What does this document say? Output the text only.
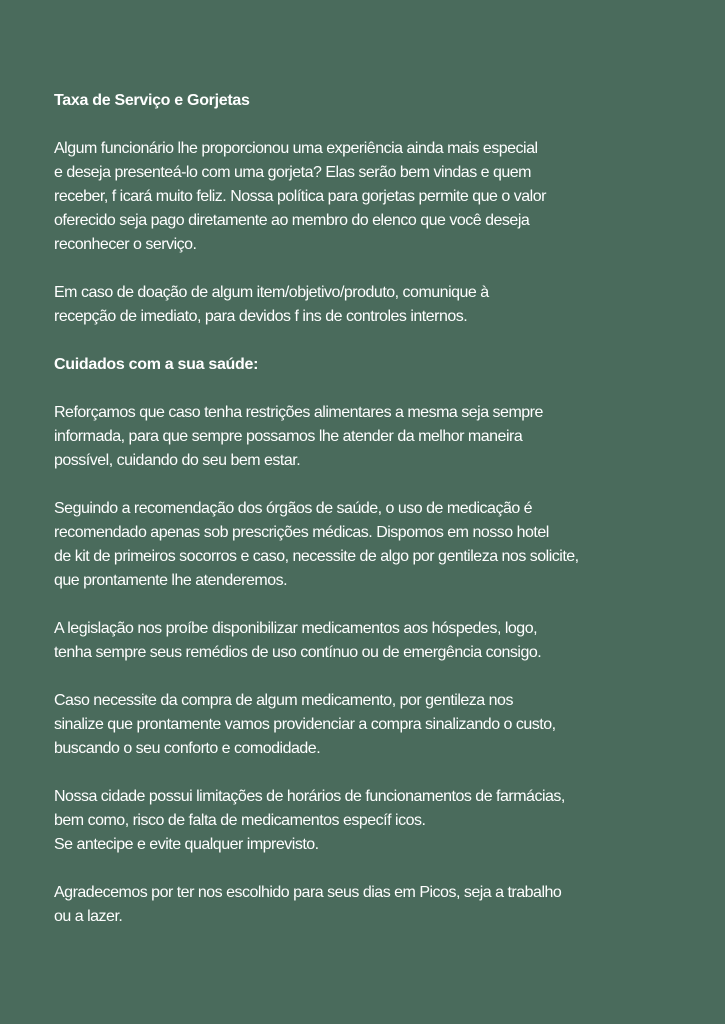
Taxa de Serviço e Gorjetas
Algum funcionário lhe proporcionou uma experiência ainda mais especial
e deseja presenteá-lo com uma gorjeta? Elas serão bem vindas e quem
receber, f icará muito feliz. Nossa política para gorjetas permite que o valor
oferecido seja pago diretamente ao membro do elenco que você deseja
reconhecer o serviço.
Em caso de doação de algum item/objetivo/produto, comunique à
recepção de imediato, para devidos f ins de controles internos.
Cuidados com a sua saúde:
Reforçamos que caso tenha restrições alimentares a mesma seja sempre
informada, para que sempre possamos lhe atender da melhor maneira
possível, cuidando do seu bem estar.
Seguindo a recomendação dos órgãos de saúde, o uso de medicação é
recomendado apenas sob prescrições médicas. Dispomos em nosso hotel
de kit de primeiros socorros e caso, necessite de algo por gentileza nos solicite,
que prontamente lhe atenderemos.
A legislação nos proíbe disponibilizar medicamentos aos hóspedes, logo,
tenha sempre seus remédios de uso contínuo ou de emergência consigo.
Caso necessite da compra de algum medicamento, por gentileza nos
sinalize que prontamente vamos providenciar a compra sinalizando o custo,
buscando o seu conforto e comodidade.
Nossa cidade possui limitações de horários de funcionamentos de farmácias,
bem como, risco de falta de medicamentos específ icos.
Se antecipe e evite qualquer imprevisto.
Agradecemos por ter nos escolhido para seus dias em Picos, seja a trabalho
ou a lazer.
